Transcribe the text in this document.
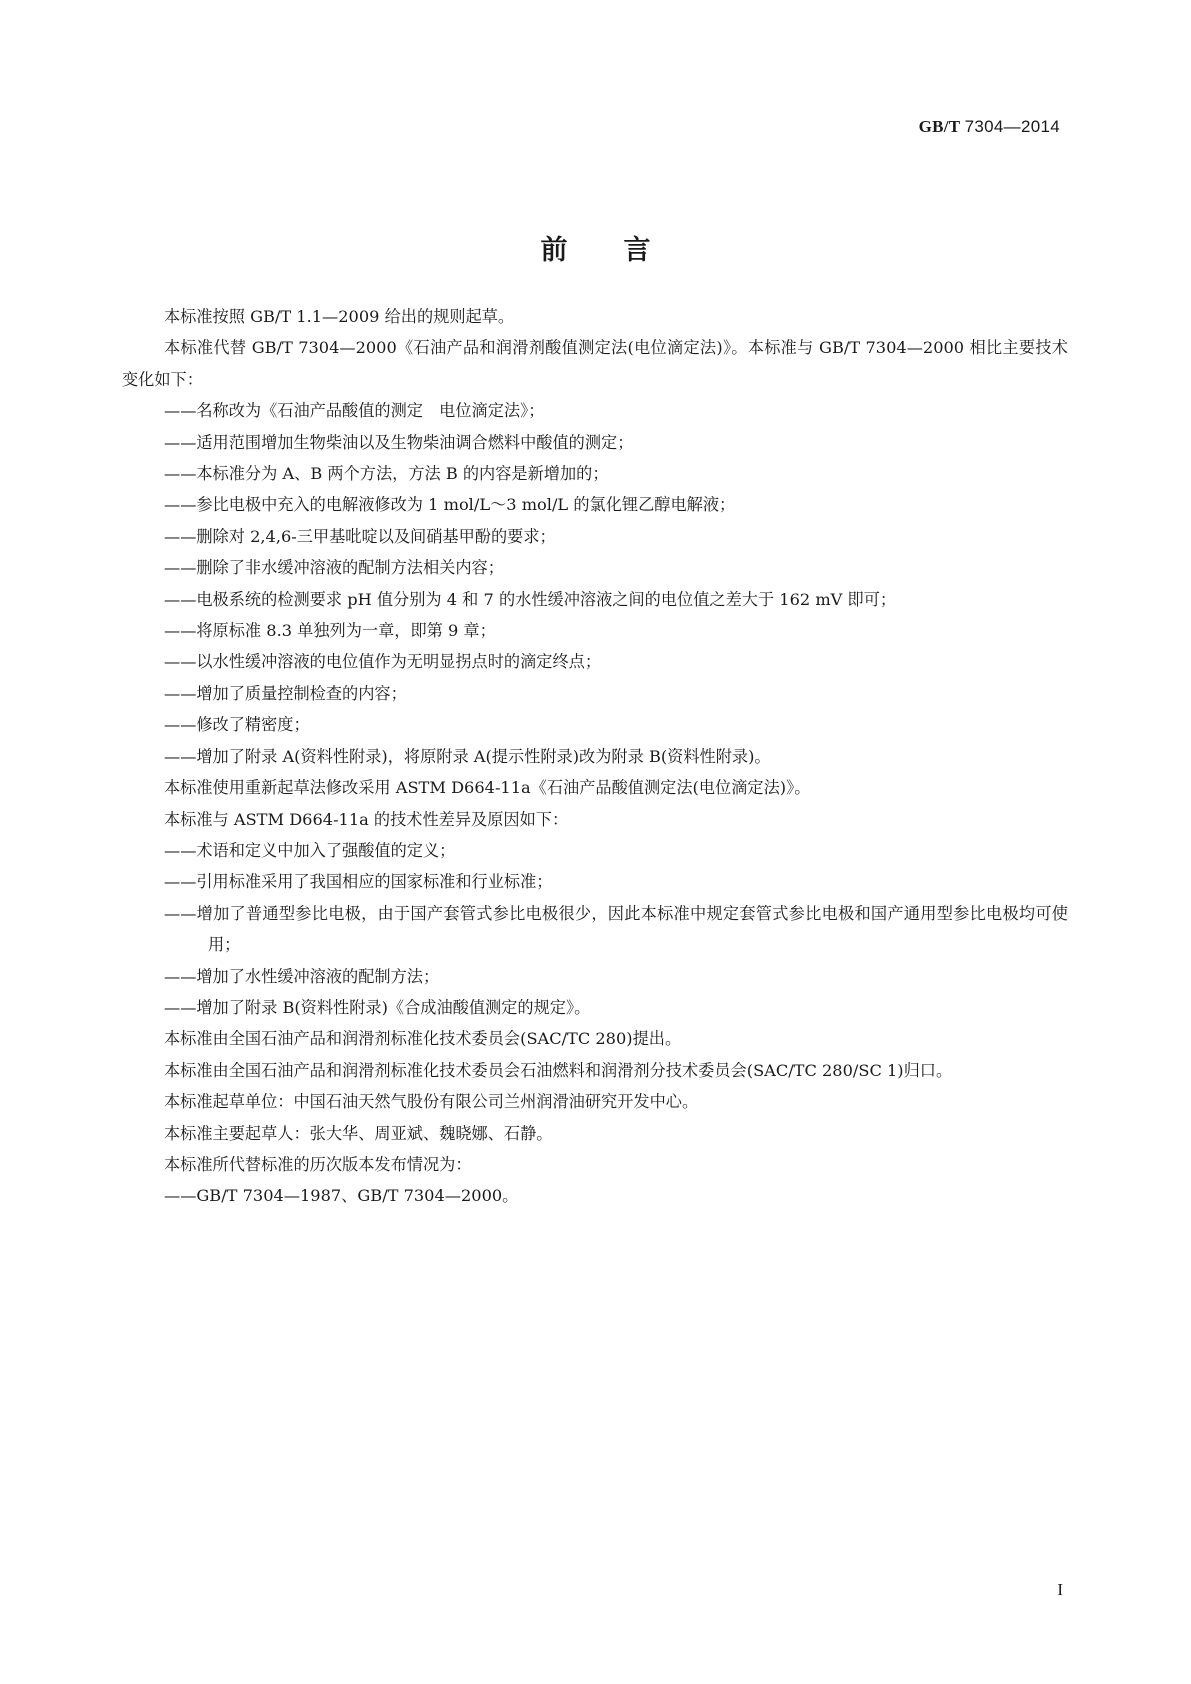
GB/T 7304—2014
前言
本标准按照 GB/T 1.1—2009 给出的规则起草。
本标准代替 GB/T 7304—2000《石油产品和润滑剂酸值测定法(电位滴定法)》。本标准与 GB/T 7304—2000 相比主要技术变化如下：
——名称改为《石油产品酸值的测定　电位滴定法》；
——适用范围增加生物柴油以及生物柴油调合燃料中酸值的测定；
——本标准分为 A、B 两个方法，方法 B 的内容是新增加的；
——参比电极中充入的电解液修改为 1 mol/L～3 mol/L 的氯化锂乙醇电解液；
——删除对 2,4,6-三甲基吡啶以及间硝基甲酚的要求；
——删除了非水缓冲溶液的配制方法相关内容；
——电极系统的检测要求 pH 值分别为 4 和 7 的水性缓冲溶液之间的电位值之差大于 162 mV 即可；
——将原标准 8.3 单独列为一章，即第 9 章；
——以水性缓冲溶液的电位值作为无明显拐点时的滴定终点；
——增加了质量控制检查的内容；
——修改了精密度；
——增加了附录 A(资料性附录)，将原附录 A(提示性附录)改为附录 B(资料性附录)。
本标准使用重新起草法修改采用 ASTM D664-11a《石油产品酸值测定法(电位滴定法)》。
本标准与 ASTM D664-11a 的技术性差异及原因如下：
——术语和定义中加入了强酸值的定义；
——引用标准采用了我国相应的国家标准和行业标准；
——增加了普通型参比电极，由于国产套管式参比电极很少，因此本标准中规定套管式参比电极和国产通用型参比电极均可使用；
——增加了水性缓冲溶液的配制方法；
——增加了附录 B(资料性附录)《合成油酸值测定的规定》。
本标准由全国石油产品和润滑剂标准化技术委员会(SAC/TC 280)提出。
本标准由全国石油产品和润滑剂标准化技术委员会石油燃料和润滑剂分技术委员会(SAC/TC 280/SC 1)归口。
本标准起草单位：中国石油天然气股份有限公司兰州润滑油研究开发中心。
本标准主要起草人：张大华、周亚斌、魏晓娜、石静。
本标准所代替标准的历次版本发布情况为：
——GB/T 7304—1987、GB/T 7304—2000。
I
